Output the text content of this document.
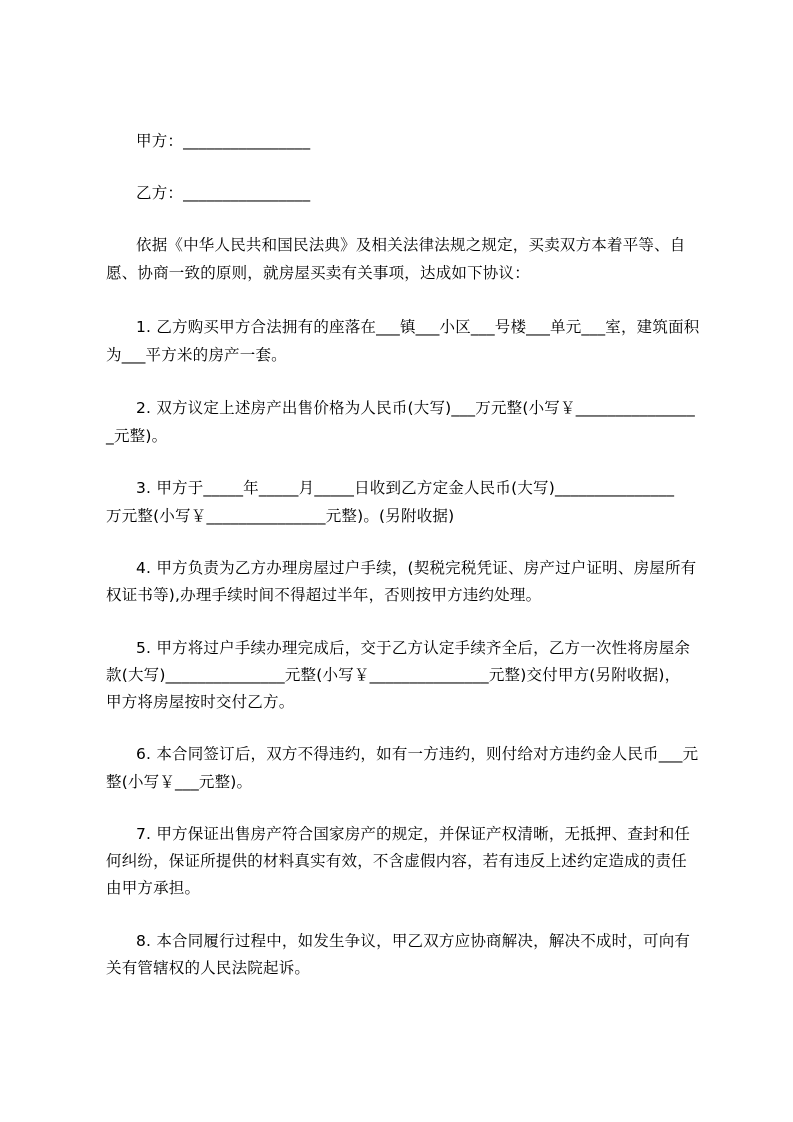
甲方：________________
乙方：________________
依据《中华人民共和国民法典》及相关法律法规之规定，买卖双方本着平等、自
愿、协商一致的原则，就房屋买卖有关事项，达成如下协议：
1. 乙方购买甲方合法拥有的座落在___镇___小区___号楼___单元___室，建筑面积
为___平方米的房产一套。
2. 双方议定上述房产出售价格为人民币(大写)___万元整(小写￥_______________
_元整)。
3. 甲方于_____年_____月_____日收到乙方定金人民币(大写)_______________
万元整(小写￥_______________元整)。(另附收据)
4. 甲方负责为乙方办理房屋过户手续，(契税完税凭证、房产过户证明、房屋所有
权证书等),办理手续时间不得超过半年，否则按甲方违约处理。
5. 甲方将过户手续办理完成后，交于乙方认定手续齐全后，乙方一次性将房屋余
款(大写)_______________元整(小写￥_______________元整)交付甲方(另附收据)，
甲方将房屋按时交付乙方。
6. 本合同签订后，双方不得违约，如有一方违约，则付给对方违约金人民币___元
整(小写￥___元整)。
7. 甲方保证出售房产符合国家房产的规定，并保证产权清晰，无抵押、查封和任
何纠纷，保证所提供的材料真实有效，不含虚假内容，若有违反上述约定造成的责任
由甲方承担。
8. 本合同履行过程中，如发生争议，甲乙双方应协商解决，解决不成时，可向有
关有管辖权的人民法院起诉。
